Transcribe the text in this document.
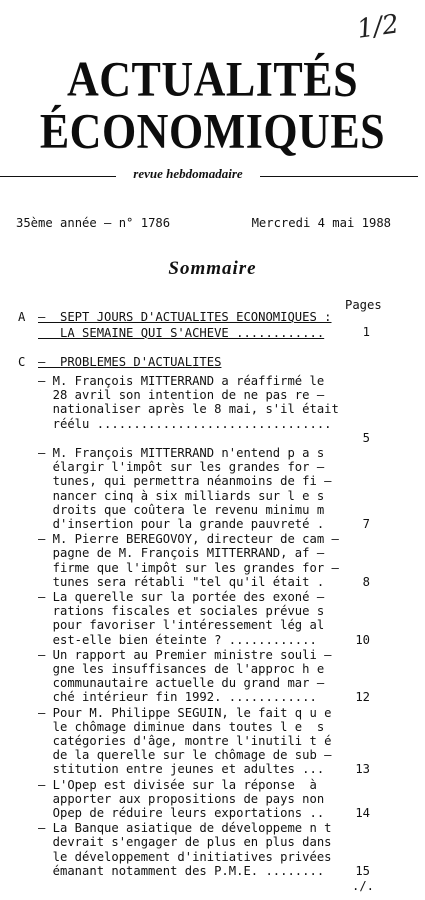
1/2
ACTUALITÉS
ÉCONOMIQUES
revue hebdomadaire
35ème année – n° 1786	Mercredi 4 mai 1988
Sommaire
Pages
A –  SEPT JOURS D'ACTUALITES ECONOMIQUES :
LA SEMAINE QUI S'ACHEVE ............	1
C –  PROBLEMES D'ACTUALITES
– M. François MITTERRAND a réaffirmé le
28 avril son intention de ne pas re –
nationaliser après le 8 mai, s'il était
réélu ................................
5
– M. François MITTERRAND n'entend p a s
élargir l'impôt sur les grandes for –
tunes, qui permettra néanmoins de fi –
nancer cinq à six milliards sur l e s
droits que coûtera le revenu minimu m
d'insertion pour la grande pauvreté .	7
– M. Pierre BEREGOVOY, directeur de cam –
pagne de M. François MITTERRAND, af –
firme que l'impôt sur les grandes for –
tunes sera rétabli "tel qu'il était .	8
– La querelle sur la portée des exoné –
rations fiscales et sociales prévue s
pour favoriser l'intéressement lég al
est-elle bien éteinte ? ............	10
– Un rapport au Premier ministre souli –
gne les insuffisances de l'approc h e
communautaire actuelle du grand mar –
ché intérieur fin 1992. ............	12
– Pour M. Philippe SEGUIN, le fait q u e
le chômage diminue dans toutes l e  s
catégories d'âge, montre l'inutili t é
de la querelle sur le chômage de sub –
stitution entre jeunes et adultes ...	13
– L'Opep est divisée sur la réponse  à
apporter aux propositions de pays non
Opep de réduire leurs exportations ..	14
– La Banque asiatique de développeme n t
devrait s'engager de plus en plus dans
le développement d'initiatives privées
émanant notamment des P.M.E. ........	15
./.
